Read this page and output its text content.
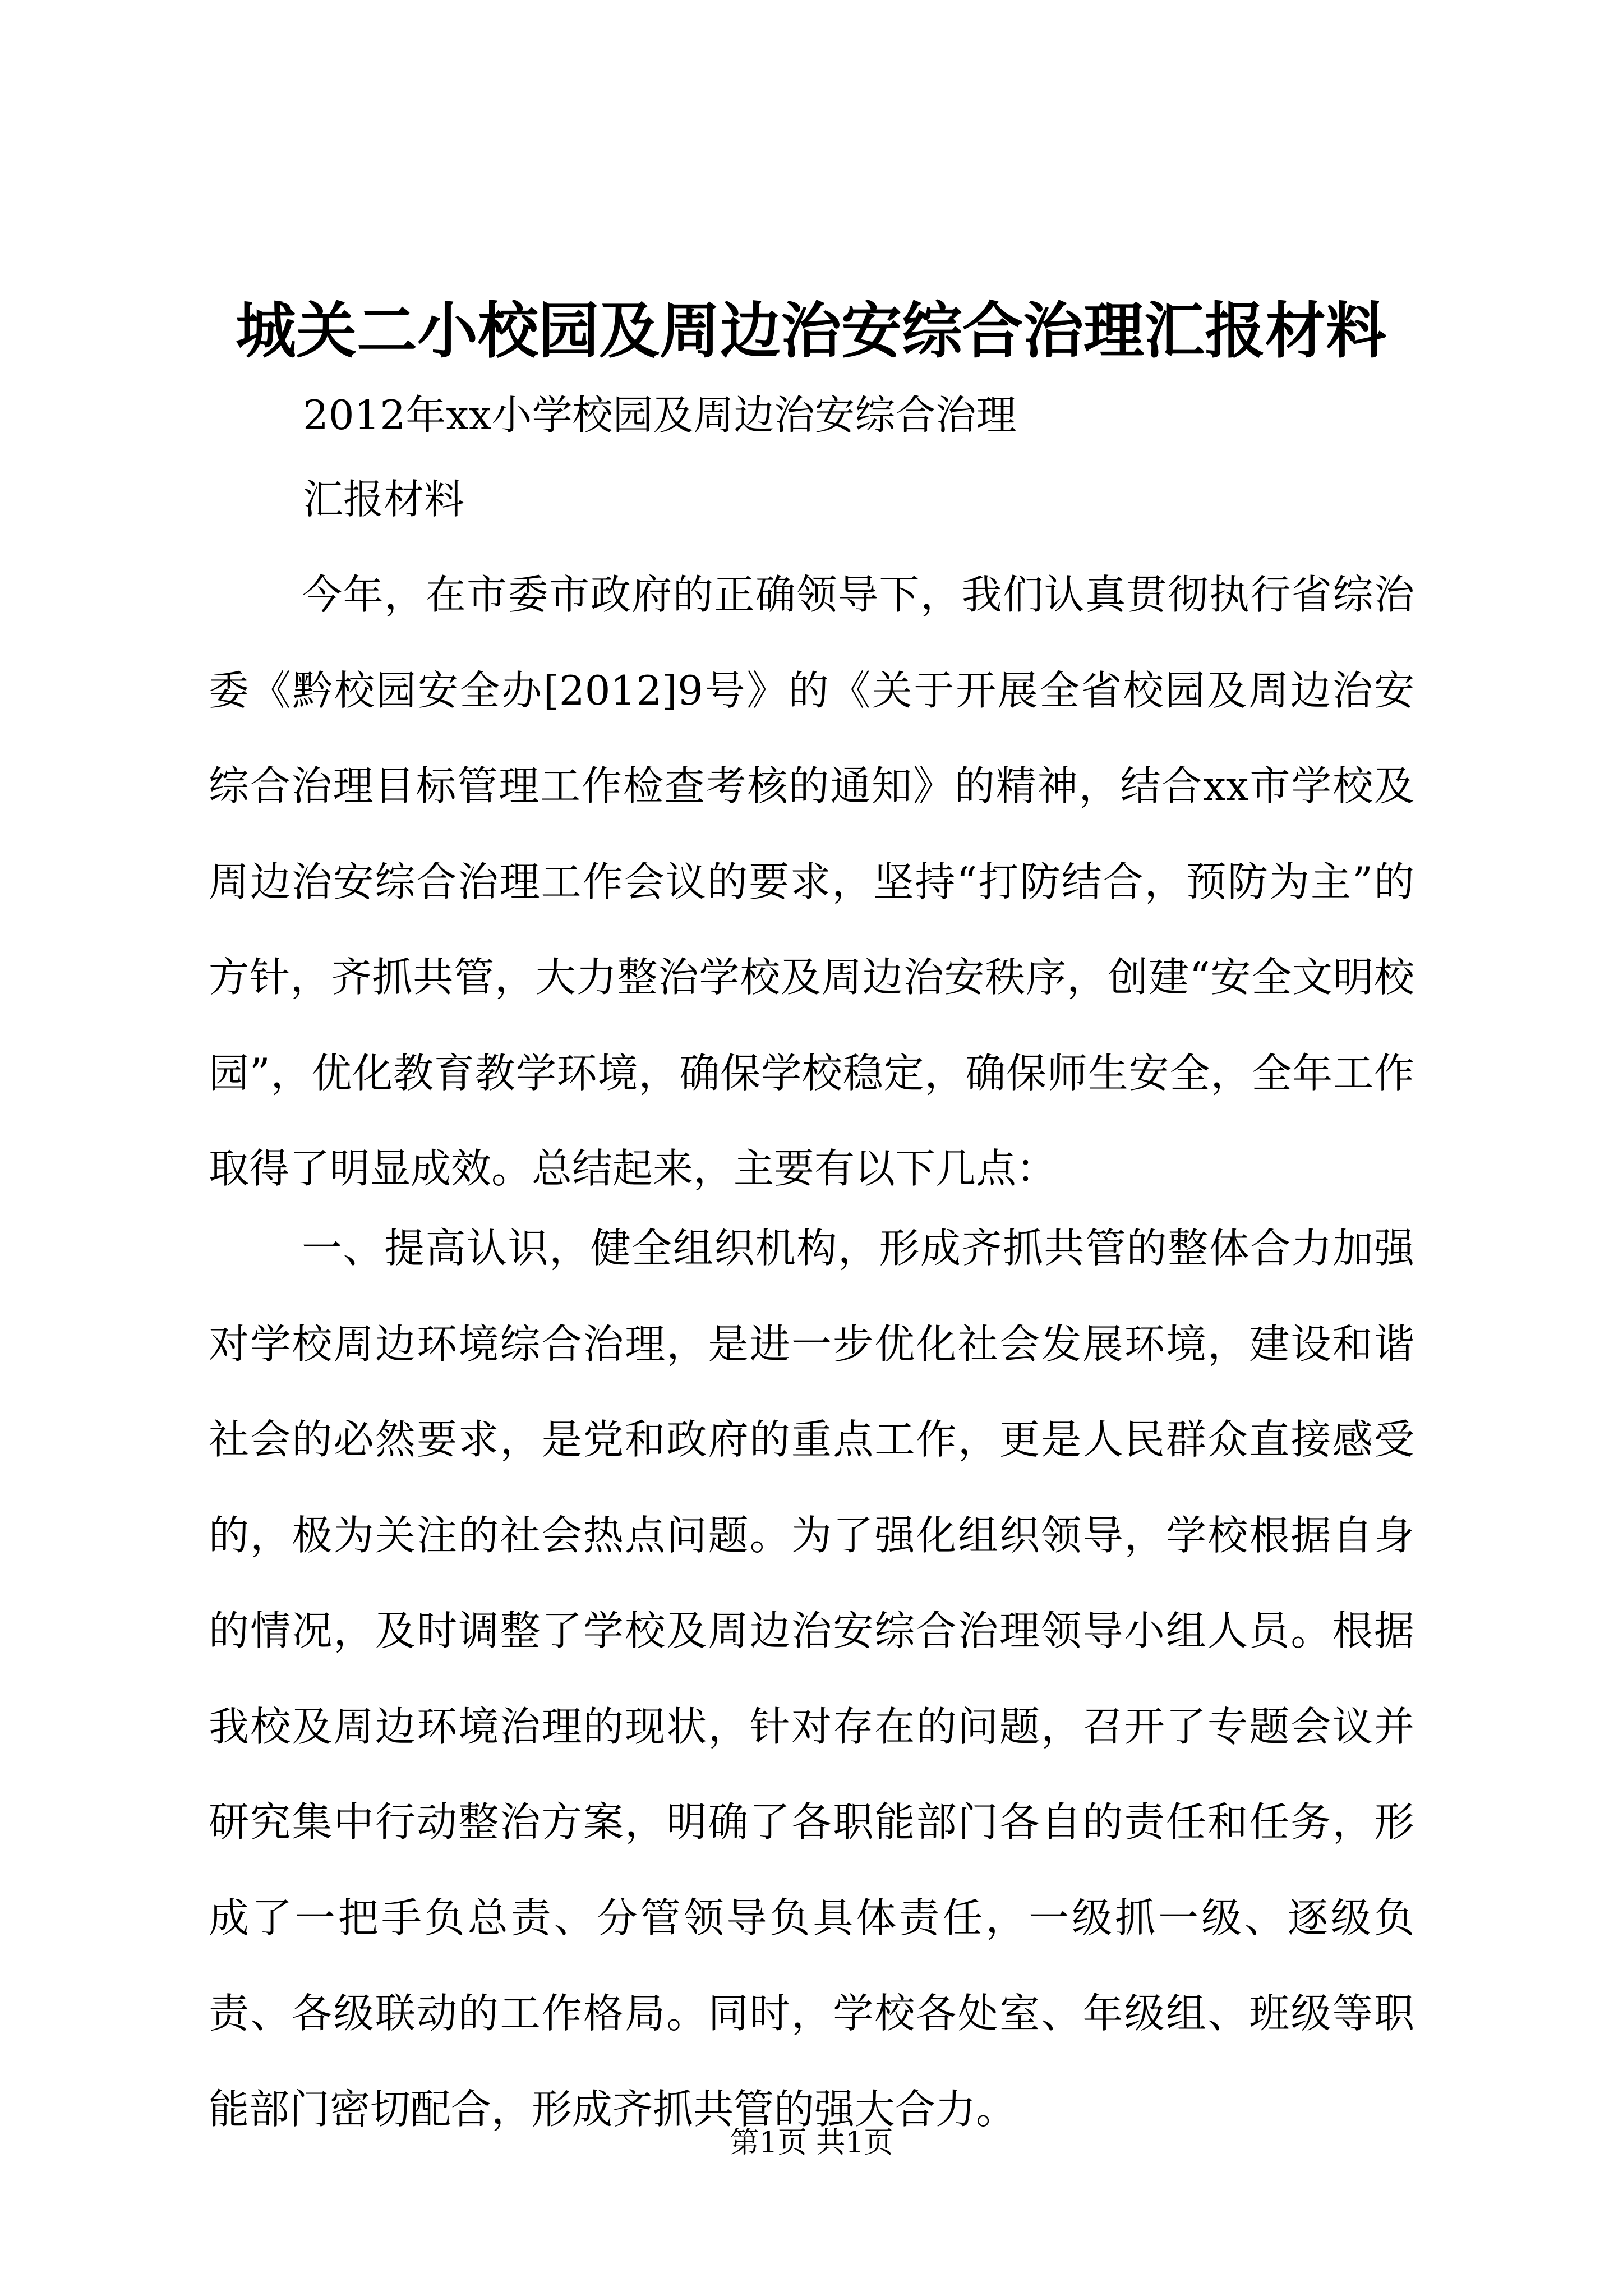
城关二小校园及周边治安综合治理汇报材料
2012年xx小学校园及周边治安综合治理
汇报材料

今年，在市委市政府的正确领导下，我们认真贯彻执行省综治委《黔校园安全办[2012]9号》的《关于开展全省校园及周边治安综合治理目标管理工作检查考核的通知》的精神，结合xx市学校及周边治安综合治理工作会议的要求，坚持“打防结合，预防为主”的方针，齐抓共管，大力整治学校及周边治安秩序，创建“安全文明校园”，优化教育教学环境，确保学校稳定，确保师生安全，全年工作取得了明显成效。总结起来，主要有以下几点：

一、提高认识，健全组织机构，形成齐抓共管的整体合力加强对学校周边环境综合治理，是进一步优化社会发展环境，建设和谐社会的必然要求，是党和政府的重点工作，更是人民群众直接感受的，极为关注的社会热点问题。为了强化组织领导，学校根据自身的情况，及时调整了学校及周边治安综合治理领导小组人员。根据我校及周边环境治理的现状，针对存在的问题，召开了专题会议并研究集中行动整治方案，明确了各职能部门各自的责任和任务，形成了一把手负总责、分管领导负具体责任，一级抓一级、逐级负责、各级联动的工作格局。同时，学校各处室、年级组、班级等职能部门密切配合，形成齐抓共管的强大合力。

第1页 共1页
